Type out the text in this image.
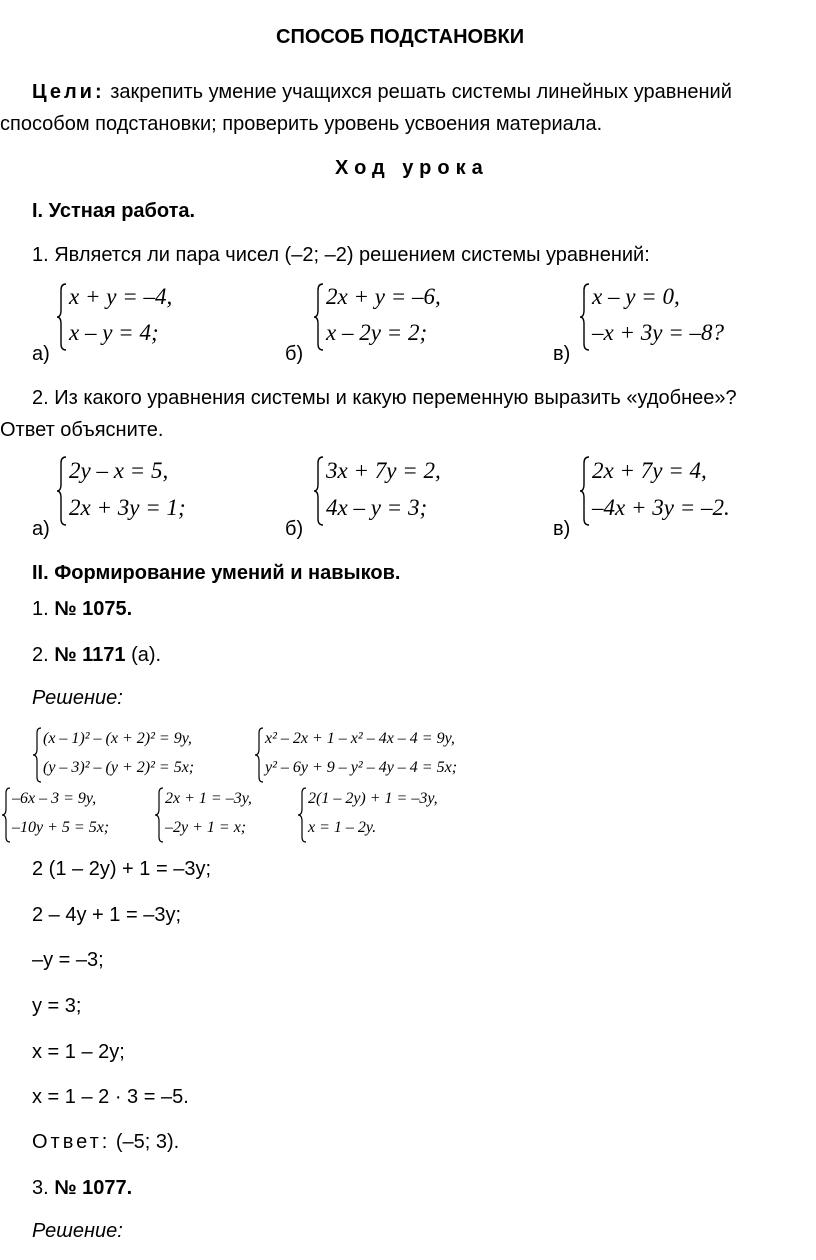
СПОСОБ ПОДСТАНОВКИ
Цели: закрепить умение учащихся решать системы линейных уравнений
способом подстановки; проверить уровень усвоения материала.
Ход урока
I. Устная работа.
1. Является ли пара чисел (–2; –2) решением системы уравнений:
а)
x + y = –4,
x – y = 4;
б)
2x + y = –6,
x – 2y = 2;
в)
x – y = 0,
–x + 3y = –8?
2. Из какого уравнения системы и какую переменную выразить «удобнее»?
Ответ объясните.
а)
2y – x = 5,
2x + 3y = 1;
б)
3x + 7y = 2,
4x – y = 3;
в)
2x + 7y = 4,
–4x + 3y = –2.
II. Формирование умений и навыков.
1. № 1075.
2. № 1171 (а).
Решение:
(x – 1)² – (x + 2)² = 9y,
(y – 3)² – (y + 2)² = 5x;
x² – 2x + 1 – x² – 4x – 4 = 9y,
y² – 6y + 9 – y² – 4y – 4 = 5x;
–6x – 3 = 9y,
–10y + 5 = 5x;
2x + 1 = –3y,
–2y + 1 = x;
2(1 – 2y) + 1 = –3y,
x = 1 – 2y.
2 (1 – 2y) + 1 = –3y;
2 – 4y + 1 = –3y;
–y = –3;
y = 3;
x = 1 – 2y;
x = 1 – 2 · 3 = –5.
Ответ: (–5; 3).
3. № 1077.
Решение:
